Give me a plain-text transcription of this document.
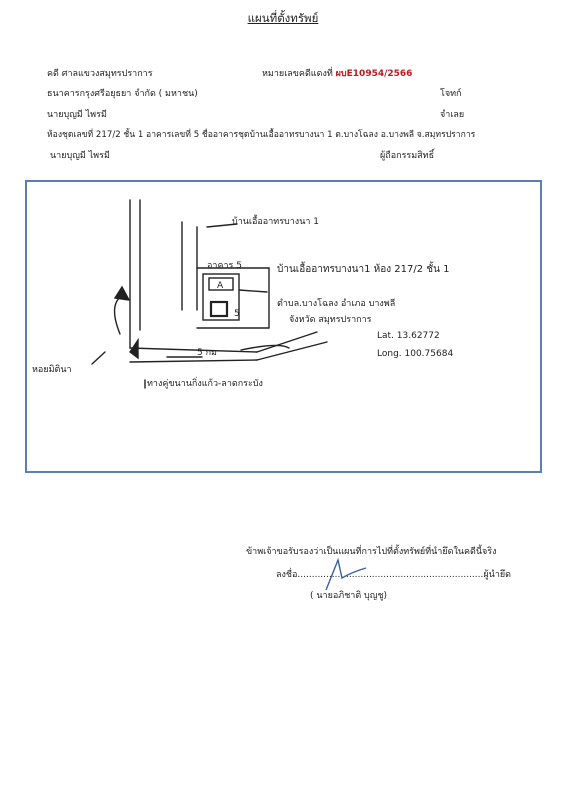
แผนที่ตั้งทรัพย์
คดี ศาลแขวงสมุทรปราการ	หมายเลขคดีแดงที่ ผบE10954/2566
ธนาคารกรุงศรีอยุธยา จำกัด ( มหาชน)	โจทก์
นายบุญมี ไพรมี	จำเลย
ห้องชุดเลขที่ 217/2 ชั้น 1 อาคารเลขที่ 5 ชื่ออาคารชุดบ้านเอื้ออาทรบางนา 1 ต.บางโฉลง อ.บางพลี จ.สมุทรปราการ
นายบุญมี ไพรมี	ผู้ถือกรรมสิทธิ์
บ้านเอื้ออาทรบางนา 1
บ้านเอื้ออาทรบางนา1 ห้อง 217/2 ชั้น 1
อาคาร 5
A
5
ตำบล.บางโฉลง อำเภอ บางพลี
จังหวัด สมุทรปราการ
Lat. 13.62772
Long. 100.75684
5 กม
ทางคู่ขนานกิ่งแก้ว-ลาดกระบัง
หอยมิตินา
ข้าพเจ้าขอรับรองว่าเป็นแผนที่การไปที่ตั้งทรัพย์ที่นำยึดในคดีนี้จริง
ลงชื่อ.................................................................ผู้นำยึด
( นายอภิชาติ บุญชู)
